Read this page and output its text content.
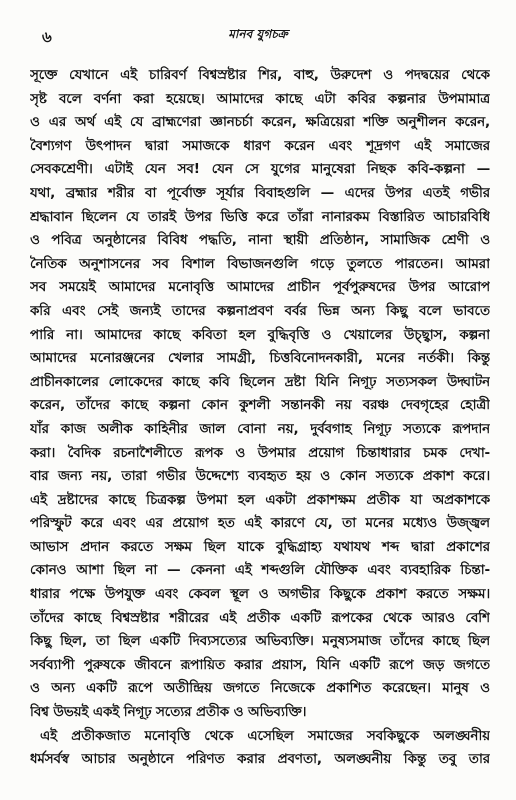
৬	মানব যুগচক্র
সূক্তে যেখানে এই চারিবর্ণ বিশ্বস্রষ্টার শির, বাহু, উরুদেশ ও পদদ্বয়ের থেকে
সৃষ্ট বলে বর্ণনা করা হয়েছে। আমাদের কাছে এটা কবির কল্পনার উপমামাত্র
ও এর অর্থ এই যে ব্রাহ্মণেরা জ্ঞানচর্চা করেন, ক্ষত্রিয়েরা শক্তি অনুশীলন করেন,
বৈশ্যগণ উৎপাদন দ্বারা সমাজকে ধারণ করেন এবং শূদ্রগণ এই সমাজের
সেবকশ্রেণী। এটাই যেন সব! যেন সে যুগের মানুষেরা নিছক কবি-কল্পনা —
যথা, ব্রহ্মার শরীর বা পূর্বোক্ত সূর্যার বিবাহগুলি — এদের উপর এতই গভীর
শ্রদ্ধাবান ছিলেন যে তারই উপর ভিত্তি করে তাঁরা নানারকম বিস্তারিত আচারবিধি
ও পবিত্র অনুষ্ঠানের বিবিধ পদ্ধতি, নানা স্থায়ী প্রতিষ্ঠান, সামাজিক শ্রেণী ও
নৈতিক অনুশাসনের সব বিশাল বিভাজনগুলি গড়ে তুলতে পারতেন। আমরা
সব সময়েই আমাদের মনোবৃত্তি আমাদের প্রাচীন পূর্বপুরুষদের উপর আরোপ
করি এবং সেই জন্যই তাদের কল্পনাপ্রবণ বর্বর ভিন্ন অন্য কিছু বলে ভাবতে
পারি না। আমাদের কাছে কবিতা হল বুদ্ধিবৃত্তি ও খেয়ালের উচ্ছ্বাস, কল্পনা
আমাদের মনোরঞ্জনের খেলার সামগ্রী, চিত্তবিনোদনকারী, মনের নর্তকী। কিন্তু
প্রাচীনকালের লোকেদের কাছে কবি ছিলেন দ্রষ্টা যিনি নিগূঢ় সত্যসকল উদ্ঘাটন
করেন, তাঁদের কাছে কল্পনা কোন কুশলী সন্তানকী নয় বরঞ্চ দেবগৃহের হোত্রী
যাঁর কাজ অলীক কাহিনীর জাল বোনা নয়, দুর্ববগাহ নিগূঢ় সত্যকে রূপদান
করা। বৈদিক রচনাশৈলীতে রূপক ও উপমার প্রয়োগ চিন্তাধারার চমক দেখা-
বার জন্য নয়, তারা গভীর উদ্দেশ্যে ব্যবহৃত হয় ও কোন সত্যকে প্রকাশ করে।
এই দ্রষ্টাদের কাছে চিত্রকল্প উপমা হল একটা প্রকাশক্ষম প্রতীক যা অপ্রকাশকে
পরিস্ফুট করে এবং এর প্রয়োগ হত এই কারণে যে, তা মনের মধ্যেও উজ্জ্বল
আভাস প্রদান করতে সক্ষম ছিল যাকে বুদ্ধিগ্রাহ্য যথাযথ শব্দ দ্বারা প্রকাশের
কোনও আশা ছিল না — কেননা এই শব্দগুলি যৌক্তিক এবং ব্যবহারিক চিন্তা-
ধারার পক্ষে উপযুক্ত এবং কেবল স্থূল ও অগভীর কিছুকে প্রকাশ করতে সক্ষম।
তাঁদের কাছে বিশ্বস্রষ্টার শরীরের এই প্রতীক একটি রূপকের থেকে আরও বেশি
কিছু ছিল, তা ছিল একটি দিব্যসত্যের অভিব্যক্তি। মনুষ্যসমাজ তাঁদের কাছে ছিল
সর্বব্যাপী পুরুষকে জীবনে রূপায়িত করার প্রয়াস, যিনি একটি রূপে জড় জগতে
ও অন্য একটি রূপে অতীন্দ্রিয় জগতে নিজেকে প্রকাশিত করেছেন। মানুষ ও
বিশ্ব উভয়ই একই নিগূঢ় সত্যের প্রতীক ও অভিব্যক্তি।
এই প্রতীকজাত মনোবৃত্তি থেকে এসেছিল সমাজের সবকিছুকে অলঙ্ঘনীয়
ধর্মসর্বস্ব আচার অনুষ্ঠানে পরিণত করার প্রবণতা, অলঙ্ঘনীয় কিন্তু তবু তার
